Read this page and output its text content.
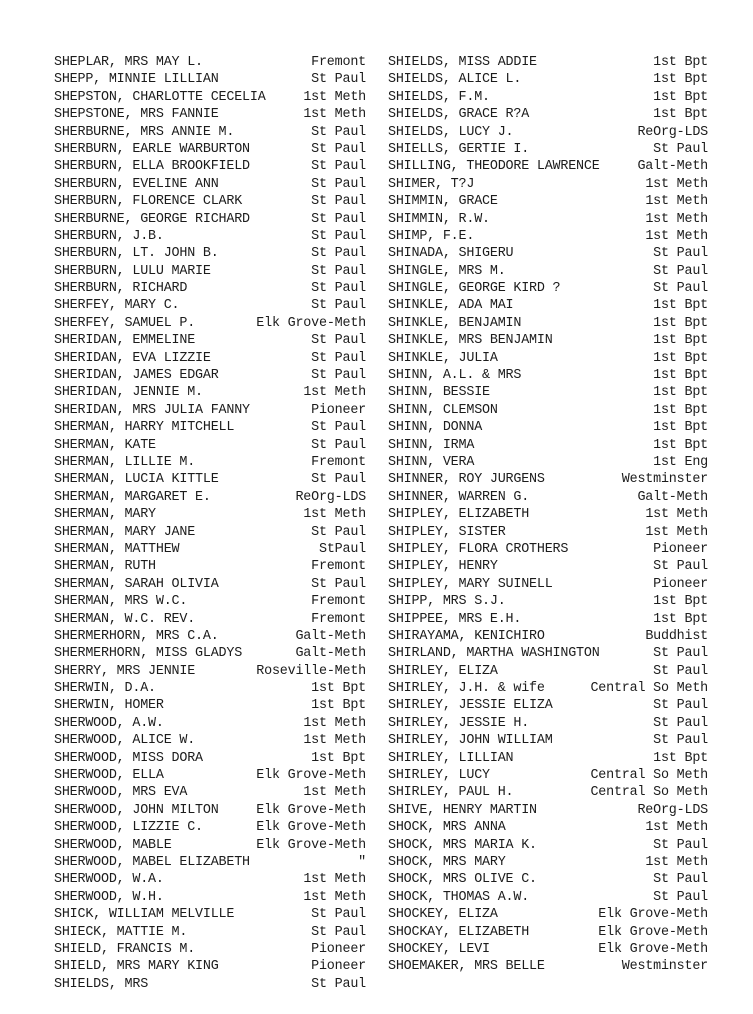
SHEPLAR, MRS MAY L.	Fremont
SHEPP, MINNIE LILLIAN	St Paul
SHEPSTON, CHARLOTTE CECELIA	1st Meth
SHEPSTONE, MRS FANNIE	1st Meth
SHERBURNE, MRS ANNIE M.	St Paul
SHERBURN, EARLE WARBURTON	St Paul
SHERBURN, ELLA BROOKFIELD	St Paul
SHERBURN, EVELINE ANN	St Paul
SHERBURN, FLORENCE CLARK	St Paul
SHERBURNE, GEORGE RICHARD	St Paul
SHERBURN, J.B.	St Paul
SHERBURN, LT. JOHN B.	St Paul
SHERBURN, LULU MARIE	St Paul
SHERBURN, RICHARD	St Paul
SHERFEY, MARY C.	St Paul
SHERFEY, SAMUEL P.	Elk Grove-Meth
SHERIDAN, EMMELINE	St Paul
SHERIDAN, EVA LIZZIE	St Paul
SHERIDAN, JAMES EDGAR	St Paul
SHERIDAN, JENNIE M.	1st Meth
SHERIDAN, MRS JULIA FANNY	Pioneer
SHERMAN, HARRY MITCHELL	St Paul
SHERMAN, KATE	St Paul
SHERMAN, LILLIE M.	Fremont
SHERMAN, LUCIA KITTLE	St Paul
SHERMAN, MARGARET E.	ReOrg-LDS
SHERMAN, MARY	1st Meth
SHERMAN, MARY JANE	St Paul
SHERMAN, MATTHEW	StPaul
SHERMAN, RUTH	Fremont
SHERMAN, SARAH OLIVIA	St Paul
SHERMAN, MRS W.C.	Fremont
SHERMAN, W.C. REV.	Fremont
SHERMERHORN, MRS C.A.	Galt-Meth
SHERMERHORN, MISS GLADYS	Galt-Meth
SHERRY, MRS JENNIE	Roseville-Meth
SHERWIN, D.A.	1st Bpt
SHERWIN, HOMER	1st Bpt
SHERWOOD, A.W.	1st Meth
SHERWOOD, ALICE W.	1st Meth
SHERWOOD, MISS DORA	1st Bpt
SHERWOOD, ELLA	Elk Grove-Meth
SHERWOOD, MRS EVA	1st Meth
SHERWOOD, JOHN MILTON	Elk Grove-Meth
SHERWOOD, LIZZIE C.	Elk Grove-Meth
SHERWOOD, MABLE	Elk Grove-Meth
SHERWOOD, MABEL ELIZABETH	"
SHERWOOD, W.A.	1st Meth
SHERWOOD, W.H.	1st Meth
SHICK, WILLIAM MELVILLE	St Paul
SHIECK, MATTIE M.	St Paul
SHIELD, FRANCIS M.	Pioneer
SHIELD, MRS MARY KING	Pioneer
SHIELDS, MRS	St Paul
SHIELDS, MISS ADDIE	1st Bpt
SHIELDS, ALICE L.	1st Bpt
SHIELDS, F.M.	1st Bpt
SHIELDS, GRACE R?A	1st Bpt
SHIELDS, LUCY J.	ReOrg-LDS
SHIELLS, GERTIE I.	St Paul
SHILLING, THEODORE LAWRENCE	Galt-Meth
SHIMER, T?J	1st Meth
SHIMMIN, GRACE	1st Meth
SHIMMIN, R.W.	1st Meth
SHIMP, F.E.	1st Meth
SHINADA, SHIGERU	St Paul
SHINGLE, MRS M.	St Paul
SHINGLE, GEORGE KIRD ?	St Paul
SHINKLE, ADA MAI	1st Bpt
SHINKLE, BENJAMIN	1st Bpt
SHINKLE, MRS BENJAMIN	1st Bpt
SHINKLE, JULIA	1st Bpt
SHINN, A.L. & MRS	1st Bpt
SHINN, BESSIE	1st Bpt
SHINN, CLEMSON	1st Bpt
SHINN, DONNA	1st Bpt
SHINN, IRMA	1st Bpt
SHINN, VERA	1st Eng
SHINNER, ROY JURGENS	Westminster
SHINNER, WARREN G.	Galt-Meth
SHIPLEY, ELIZABETH	1st Meth
SHIPLEY, SISTER	1st Meth
SHIPLEY, FLORA CROTHERS	Pioneer
SHIPLEY, HENRY	St Paul
SHIPLEY, MARY SUINELL	Pioneer
SHIPP, MRS S.J.	1st Bpt
SHIPPEE, MRS E.H.	1st Bpt
SHIRAYAMA, KENICHIRO	Buddhist
SHIRLAND, MARTHA WASHINGTON	St Paul
SHIRLEY, ELIZA	St Paul
SHIRLEY, J.H. & wife	Central So Meth
SHIRLEY, JESSIE ELIZA	St Paul
SHIRLEY, JESSIE H.	St Paul
SHIRLEY, JOHN WILLIAM	St Paul
SHIRLEY, LILLIAN	1st Bpt
SHIRLEY, LUCY	Central So Meth
SHIRLEY, PAUL H.	Central So Meth
SHIVE, HENRY MARTIN	ReOrg-LDS
SHOCK, MRS ANNA	1st Meth
SHOCK, MRS MARIA K.	St Paul
SHOCK, MRS MARY	1st Meth
SHOCK, MRS OLIVE C.	St Paul
SHOCK, THOMAS A.W.	St Paul
SHOCKEY, ELIZA	Elk Grove-Meth
SHOCKAY, ELIZABETH	Elk Grove-Meth
SHOCKEY, LEVI	Elk Grove-Meth
SHOEMAKER, MRS BELLE	Westminster
